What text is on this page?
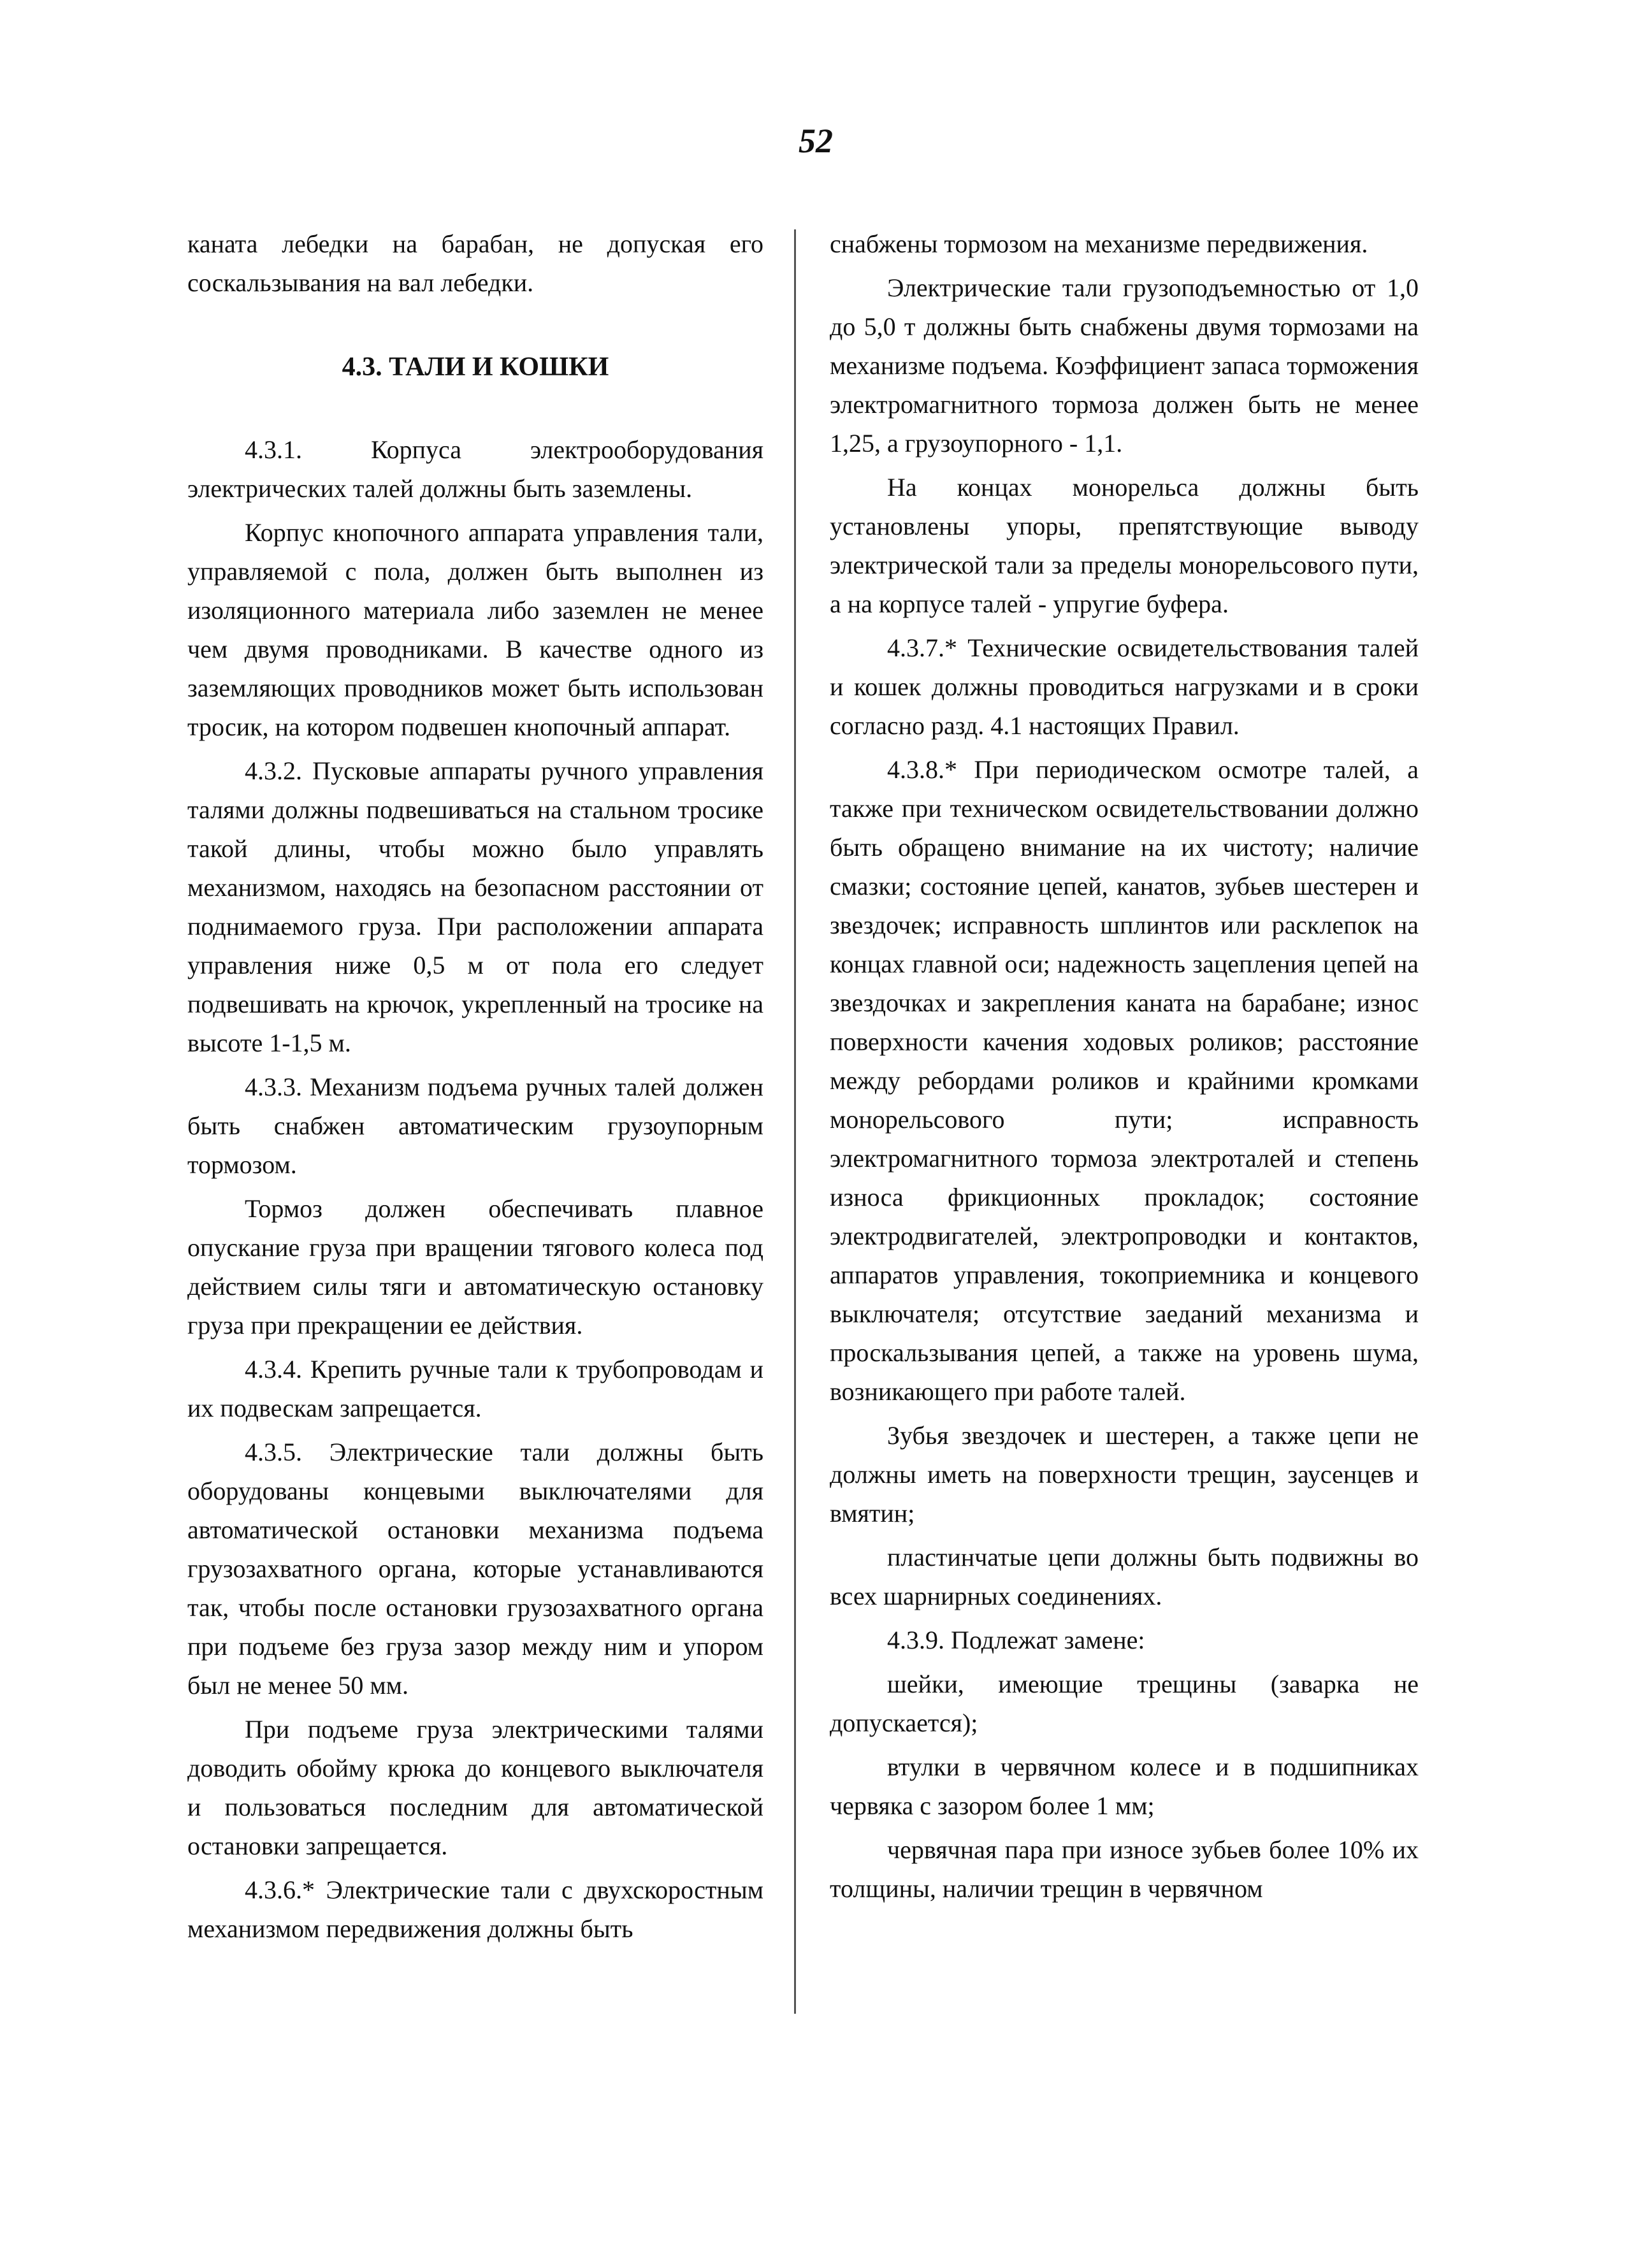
52

каната лебедки на барабан, не допуская его соскальзывания на вал лебедки.

4.3. ТАЛИ И КОШКИ

4.3.1. Корпуса электрооборудования электрических талей должны быть заземлены.

Корпус кнопочного аппарата управления тали, управляемой с пола, должен быть выполнен из изоляционного материала либо заземлен не менее чем двумя проводниками. В качестве одного из заземляющих проводников может быть использован тросик, на котором подвешен кнопочный аппарат.

4.3.2. Пусковые аппараты ручного управления талями должны подвешиваться на стальном тросике такой длины, чтобы можно было управлять механизмом, находясь на безопасном расстоянии от поднимаемого груза. При расположении аппарата управления ниже 0,5 м от пола его следует подвешивать на крючок, укрепленный на тросике на высоте 1-1,5 м.

4.3.3. Механизм подъема ручных талей должен быть снабжен автоматическим грузоупорным тормозом.

Тормоз должен обеспечивать плавное опускание груза при вращении тягового колеса под действием силы тяги и автоматическую остановку груза при прекращении ее действия.

4.3.4. Крепить ручные тали к трубопроводам и их подвескам запрещается.

4.3.5. Электрические тали должны быть оборудованы концевыми выключателями для автоматической остановки механизма подъема грузозахватного органа, которые устанавливаются так, чтобы после остановки грузозахватного органа при подъеме без груза зазор между ним и упором был не менее 50 мм.

При подъеме груза электрическими талями доводить обойму крюка до концевого выключателя и пользоваться последним для автоматической остановки запрещается.

4.3.6.* Электрические тали с двухскоростным механизмом передвижения должны быть

снабжены тормозом на механизме передвижения.

Электрические тали грузоподъемностью от 1,0 до 5,0 т должны быть снабжены двумя тормозами на механизме подъема. Коэффициент запаса торможения электромагнитного тормоза должен быть не менее 1,25, а грузоупорного - 1,1.

На концах монорельса должны быть установлены упоры, препятствующие выводу электрической тали за пределы монорельсового пути, а на корпусе талей - упругие буфера.

4.3.7.* Технические освидетельствования талей и кошек должны проводиться нагрузками и в сроки согласно разд. 4.1 настоящих Правил.

4.3.8.* При периодическом осмотре талей, а также при техническом освидетельствовании должно быть обращено внимание на их чистоту; наличие смазки; состояние цепей, канатов, зубьев шестерен и звездочек; исправность шплинтов или расклепок на концах главной оси; надежность зацепления цепей на звездочках и закрепления каната на барабане; износ поверхности качения ходовых роликов; расстояние между ребордами роликов и крайними кромками монорельсового пути; исправность электромагнитного тормоза электроталей и степень износа фрикционных прокладок; состояние электродвигателей, электропроводки и контактов, аппаратов управления, токоприемника и концевого выключателя; отсутствие заеданий механизма и проскальзывания цепей, а также на уровень шума, возникающего при работе талей.

Зубья звездочек и шестерен, а также цепи не должны иметь на поверхности трещин, заусенцев и вмятин;

пластинчатые цепи должны быть подвижны во всех шарнирных соединениях.

4.3.9. Подлежат замене:

шейки, имеющие трещины (заварка не допускается);

втулки в червячном колесе и в подшипниках червяка с зазором более 1 мм;

червячная пара при износе зубьев более 10% их толщины, наличии трещин в червячном
